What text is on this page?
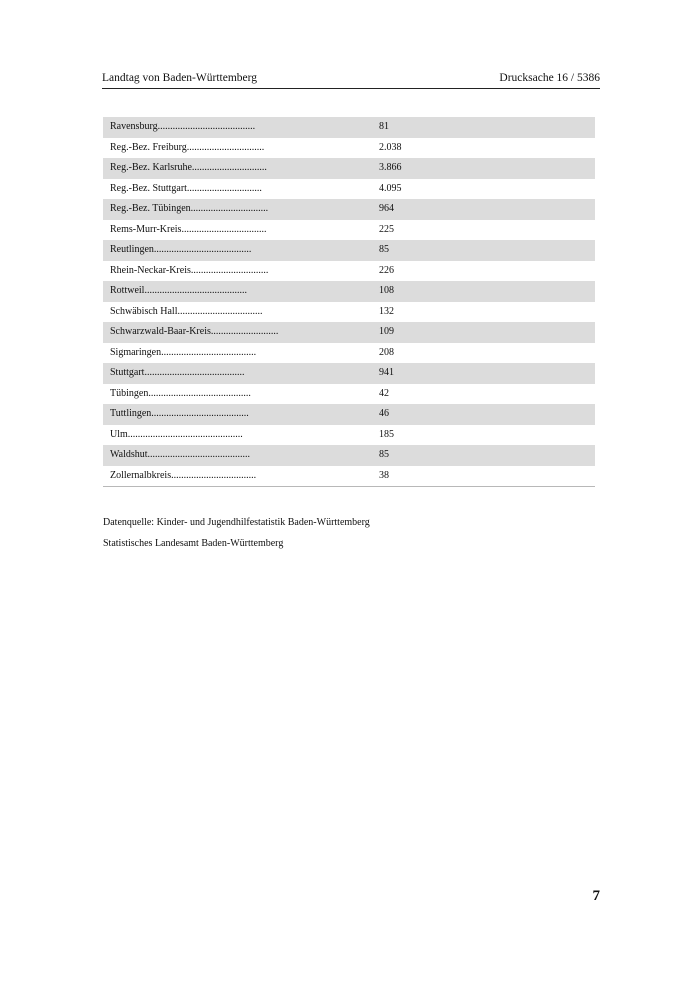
Landtag von Baden-Württemberg	Drucksache 16 / 5386
Ravensburg.......................................	81
Reg.-Bez. Freiburg...............................	2.038
Reg.-Bez. Karlsruhe..............................	3.866
Reg.-Bez. Stuttgart..............................	4.095
Reg.-Bez. Tübingen...............................	964
Rems-Murr-Kreis..................................	225
Reutlingen.......................................	85
Rhein-Neckar-Kreis...............................	226
Rottweil.........................................	108
Schwäbisch Hall..................................	132
Schwarzwald-Baar-Kreis...........................	109
Sigmaringen......................................	208
Stuttgart........................................	941
Tübingen.........................................	42
Tuttlingen.......................................	46
Ulm..............................................	185
Waldshut.........................................	85
Zollernalbkreis..................................	38
Datenquelle: Kinder- und Jugendhilfestatistik Baden-Württemberg
Statistisches Landesamt Baden-Württemberg
7
